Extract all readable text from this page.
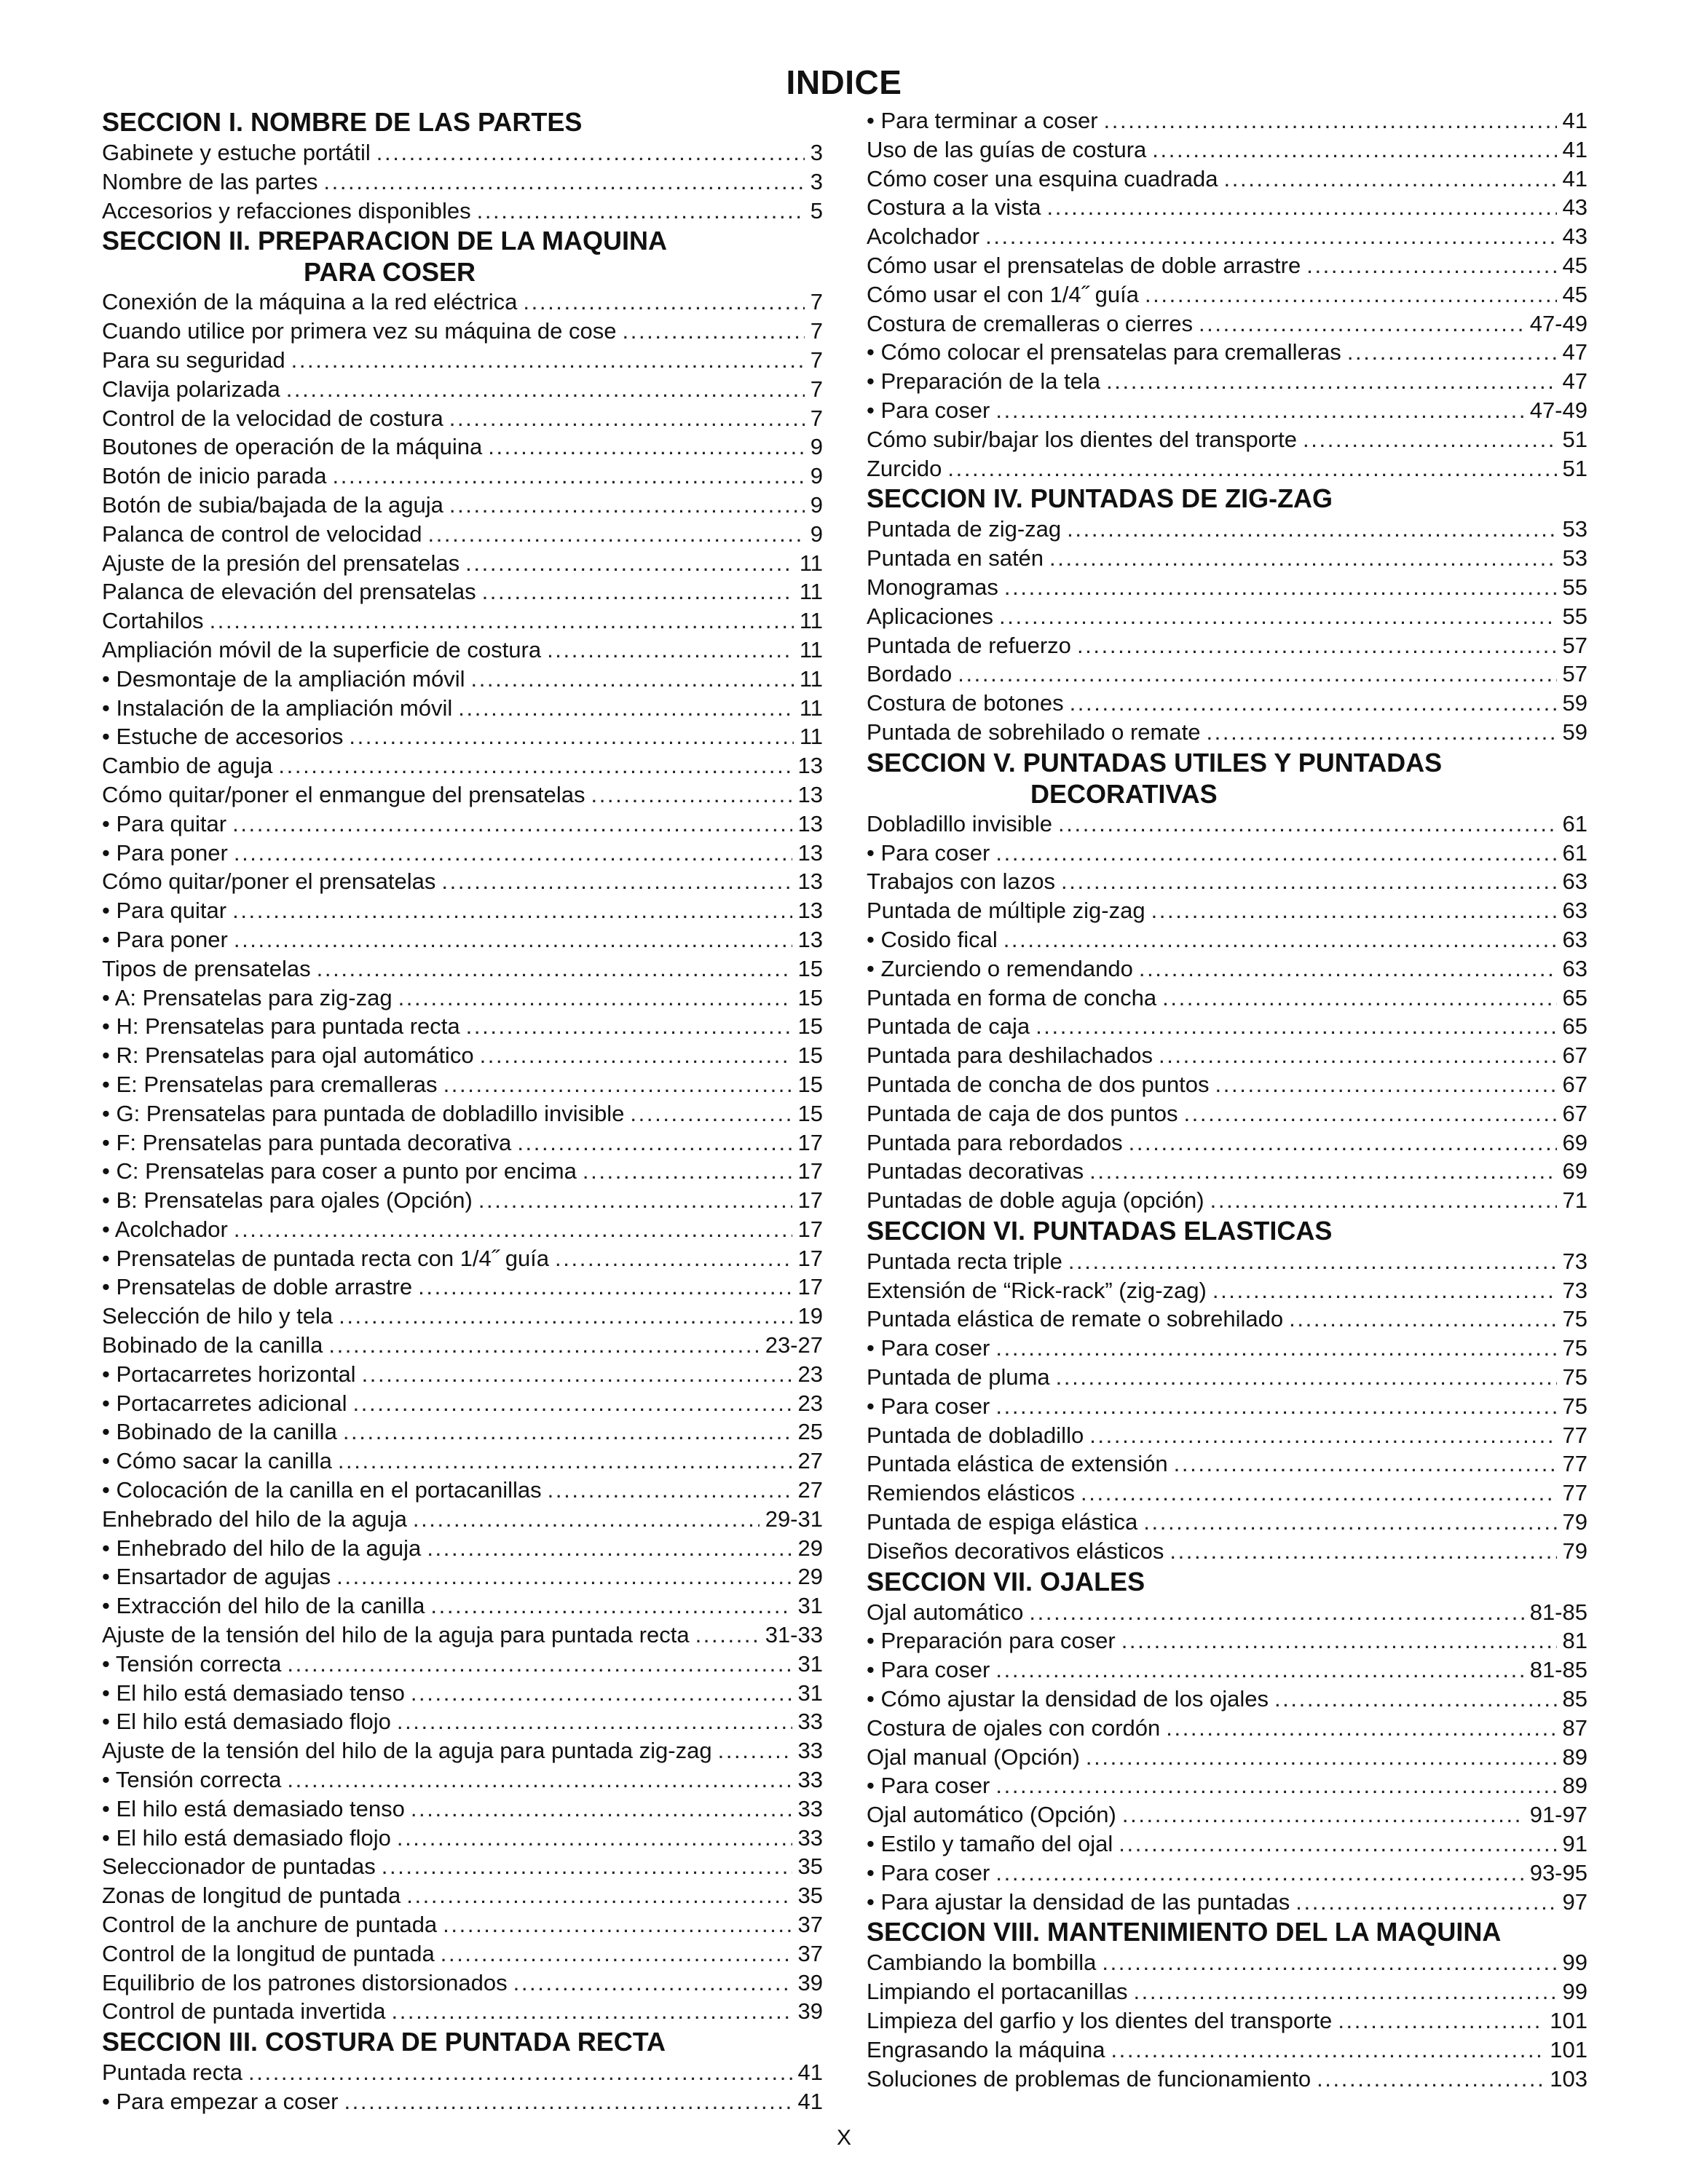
INDICE
SECCION I. NOMBRE DE LAS PARTES
Gabinete y estuche portátil . . .	3
Nombre de las partes . . .	3
Accesorios y refacciones disponibles . . .	5
SECCION II. PREPARACION DE LA MAQUINA
PARA COSER
Conexión de la máquina a la red eléctrica . . .	7
Cuando utilice por primera vez su máquina de cose . . .	7
Para su seguridad . . .	7
Clavija polarizada . . .	7
Control de la velocidad de costura . . .	7
Boutones de operación de la máquina . . .	9
Botón de inicio parada . . .	9
Botón de subia/bajada de la aguja . . .	9
Palanca de control de velocidad . . .	9
Ajuste de la presión del prensatelas . . .	11
Palanca de elevación del prensatelas . . .	11
Cortahilos . . .	11
Ampliación móvil de la superficie de costura . . .	11
• Desmontaje de la ampliación móvil . . .	11
• Instalación de la ampliación móvil . . .	11
• Estuche de accesorios . . .	11
Cambio de aguja . . .	13
Cómo quitar/poner el enmangue del prensatelas . . .	13
• Para quitar . . .	13
• Para poner . . .	13
Cómo quitar/poner el prensatelas . . .	13
• Para quitar . . .	13
• Para poner . . .	13
Tipos de prensatelas . . .	15
• A: Prensatelas para zig-zag . . .	15
• H: Prensatelas para puntada recta . . .	15
• R: Prensatelas para ojal automático . . .	15
• E: Prensatelas para cremalleras . . .	15
• G: Prensatelas para puntada de dobladillo invisible . . .	15
• F: Prensatelas para puntada decorativa . . .	17
• C: Prensatelas para coser a punto por encima . . .	17
• B: Prensatelas para ojales (Opción) . . .	17
• Acolchador . . .	17
• Prensatelas de puntada recta con 1/4˝ guía . . .	17
• Prensatelas de doble arrastre . . .	17
Selección de hilo y tela . . .	19
Bobinado de la canilla . . .	23-27
• Portacarretes horizontal . . .	23
• Portacarretes adicional . . .	23
• Bobinado de la canilla . . .	25
• Cómo sacar la canilla . . .	27
• Colocación de la canilla en el portacanillas . . .	27
Enhebrado del hilo de la aguja . . .	29-31
• Enhebrado del hilo de la aguja . . .	29
• Ensartador de agujas . . .	29
• Extracción del hilo de la canilla . . .	31
Ajuste de la tensión del hilo de la aguja para puntada recta . . .	31-33
• Tensión correcta . . .	31
• El hilo está demasiado tenso . . .	31
• El hilo está demasiado flojo . . .	33
Ajuste de la tensión del hilo de la aguja para puntada zig-zag . . .	33
• Tensión correcta . . .	33
• El hilo está demasiado tenso . . .	33
• El hilo está demasiado flojo . . .	33
Seleccionador de puntadas . . .	35
Zonas de longitud de puntada . . .	35
Control de la anchure de puntada . . .	37
Control de la longitud de puntada . . .	37
Equilibrio de los patrones distorsionados . . .	39
Control de puntada invertida . . .	39
SECCION III. COSTURA DE PUNTADA RECTA
Puntada recta . . .	41
• Para empezar a coser . . .	41
• Para terminar a coser . . .	41
Uso de las guías de costura . . .	41
Cómo coser una esquina cuadrada . . .	41
Costura a la vista . . .	43
Acolchador . . .	43
Cómo usar el prensatelas de doble arrastre . . .	45
Cómo usar el con 1/4˝ guía . . .	45
Costura de cremalleras o cierres . . .	47-49
• Cómo colocar el prensatelas para cremalleras . . .	47
• Preparación de la tela . . .	47
• Para coser . . .	47-49
Cómo subir/bajar los dientes del transporte . . .	51
Zurcido . . .	51
SECCION IV. PUNTADAS DE ZIG-ZAG
Puntada de zig-zag . . .	53
Puntada en satén . . .	53
Monogramas . . .	55
Aplicaciones . . .	55
Puntada de refuerzo . . .	57
Bordado . . .	57
Costura de botones . . .	59
Puntada de sobrehilado o remate . . .	59
SECCION V. PUNTADAS UTILES Y PUNTADAS
DECORATIVAS
Dobladillo invisible . . .	61
• Para coser . . .	61
Trabajos con lazos . . .	63
Puntada de múltiple zig-zag . . .	63
• Cosido fical . . .	63
• Zurciendo o remendando . . .	63
Puntada en forma de concha . . .	65
Puntada de caja . . .	65
Puntada para deshilachados . . .	67
Puntada de concha de dos puntos . . .	67
Puntada de caja de dos puntos . . .	67
Puntada para rebordados . . .	69
Puntadas decorativas . . .	69
Puntadas de doble aguja (opción) . . .	71
SECCION VI. PUNTADAS ELASTICAS
Puntada recta triple . . .	73
Extensión de “Rick-rack” (zig-zag) . . .	73
Puntada elástica de remate o sobrehilado . . .	75
• Para coser . . .	75
Puntada de pluma . . .	75
• Para coser . . .	75
Puntada de dobladillo . . .	77
Puntada elástica de extensión . . .	77
Remiendos elásticos . . .	77
Puntada de espiga elástica . . .	79
Diseños decorativos elásticos . . .	79
SECCION VII. OJALES
Ojal automático . . .	81-85
• Preparación para coser . . .	81
• Para coser . . .	81-85
• Cómo ajustar la densidad de los ojales . . .	85
Costura de ojales con cordón . . .	87
Ojal manual (Opción) . . .	89
• Para coser . . .	89
Ojal automático (Opción) . . .	91-97
• Estilo y tamaño del ojal . . .	91
• Para coser . . .	93-95
• Para ajustar la densidad de las puntadas . . .	97
SECCION VIII. MANTENIMIENTO DEL LA MAQUINA
Cambiando la bombilla . . .	99
Limpiando el portacanillas . . .	99
Limpieza del garfio y los dientes del transporte . . .	101
Engrasando la máquina . . .	101
Soluciones de problemas de funcionamiento . . .	103
X
